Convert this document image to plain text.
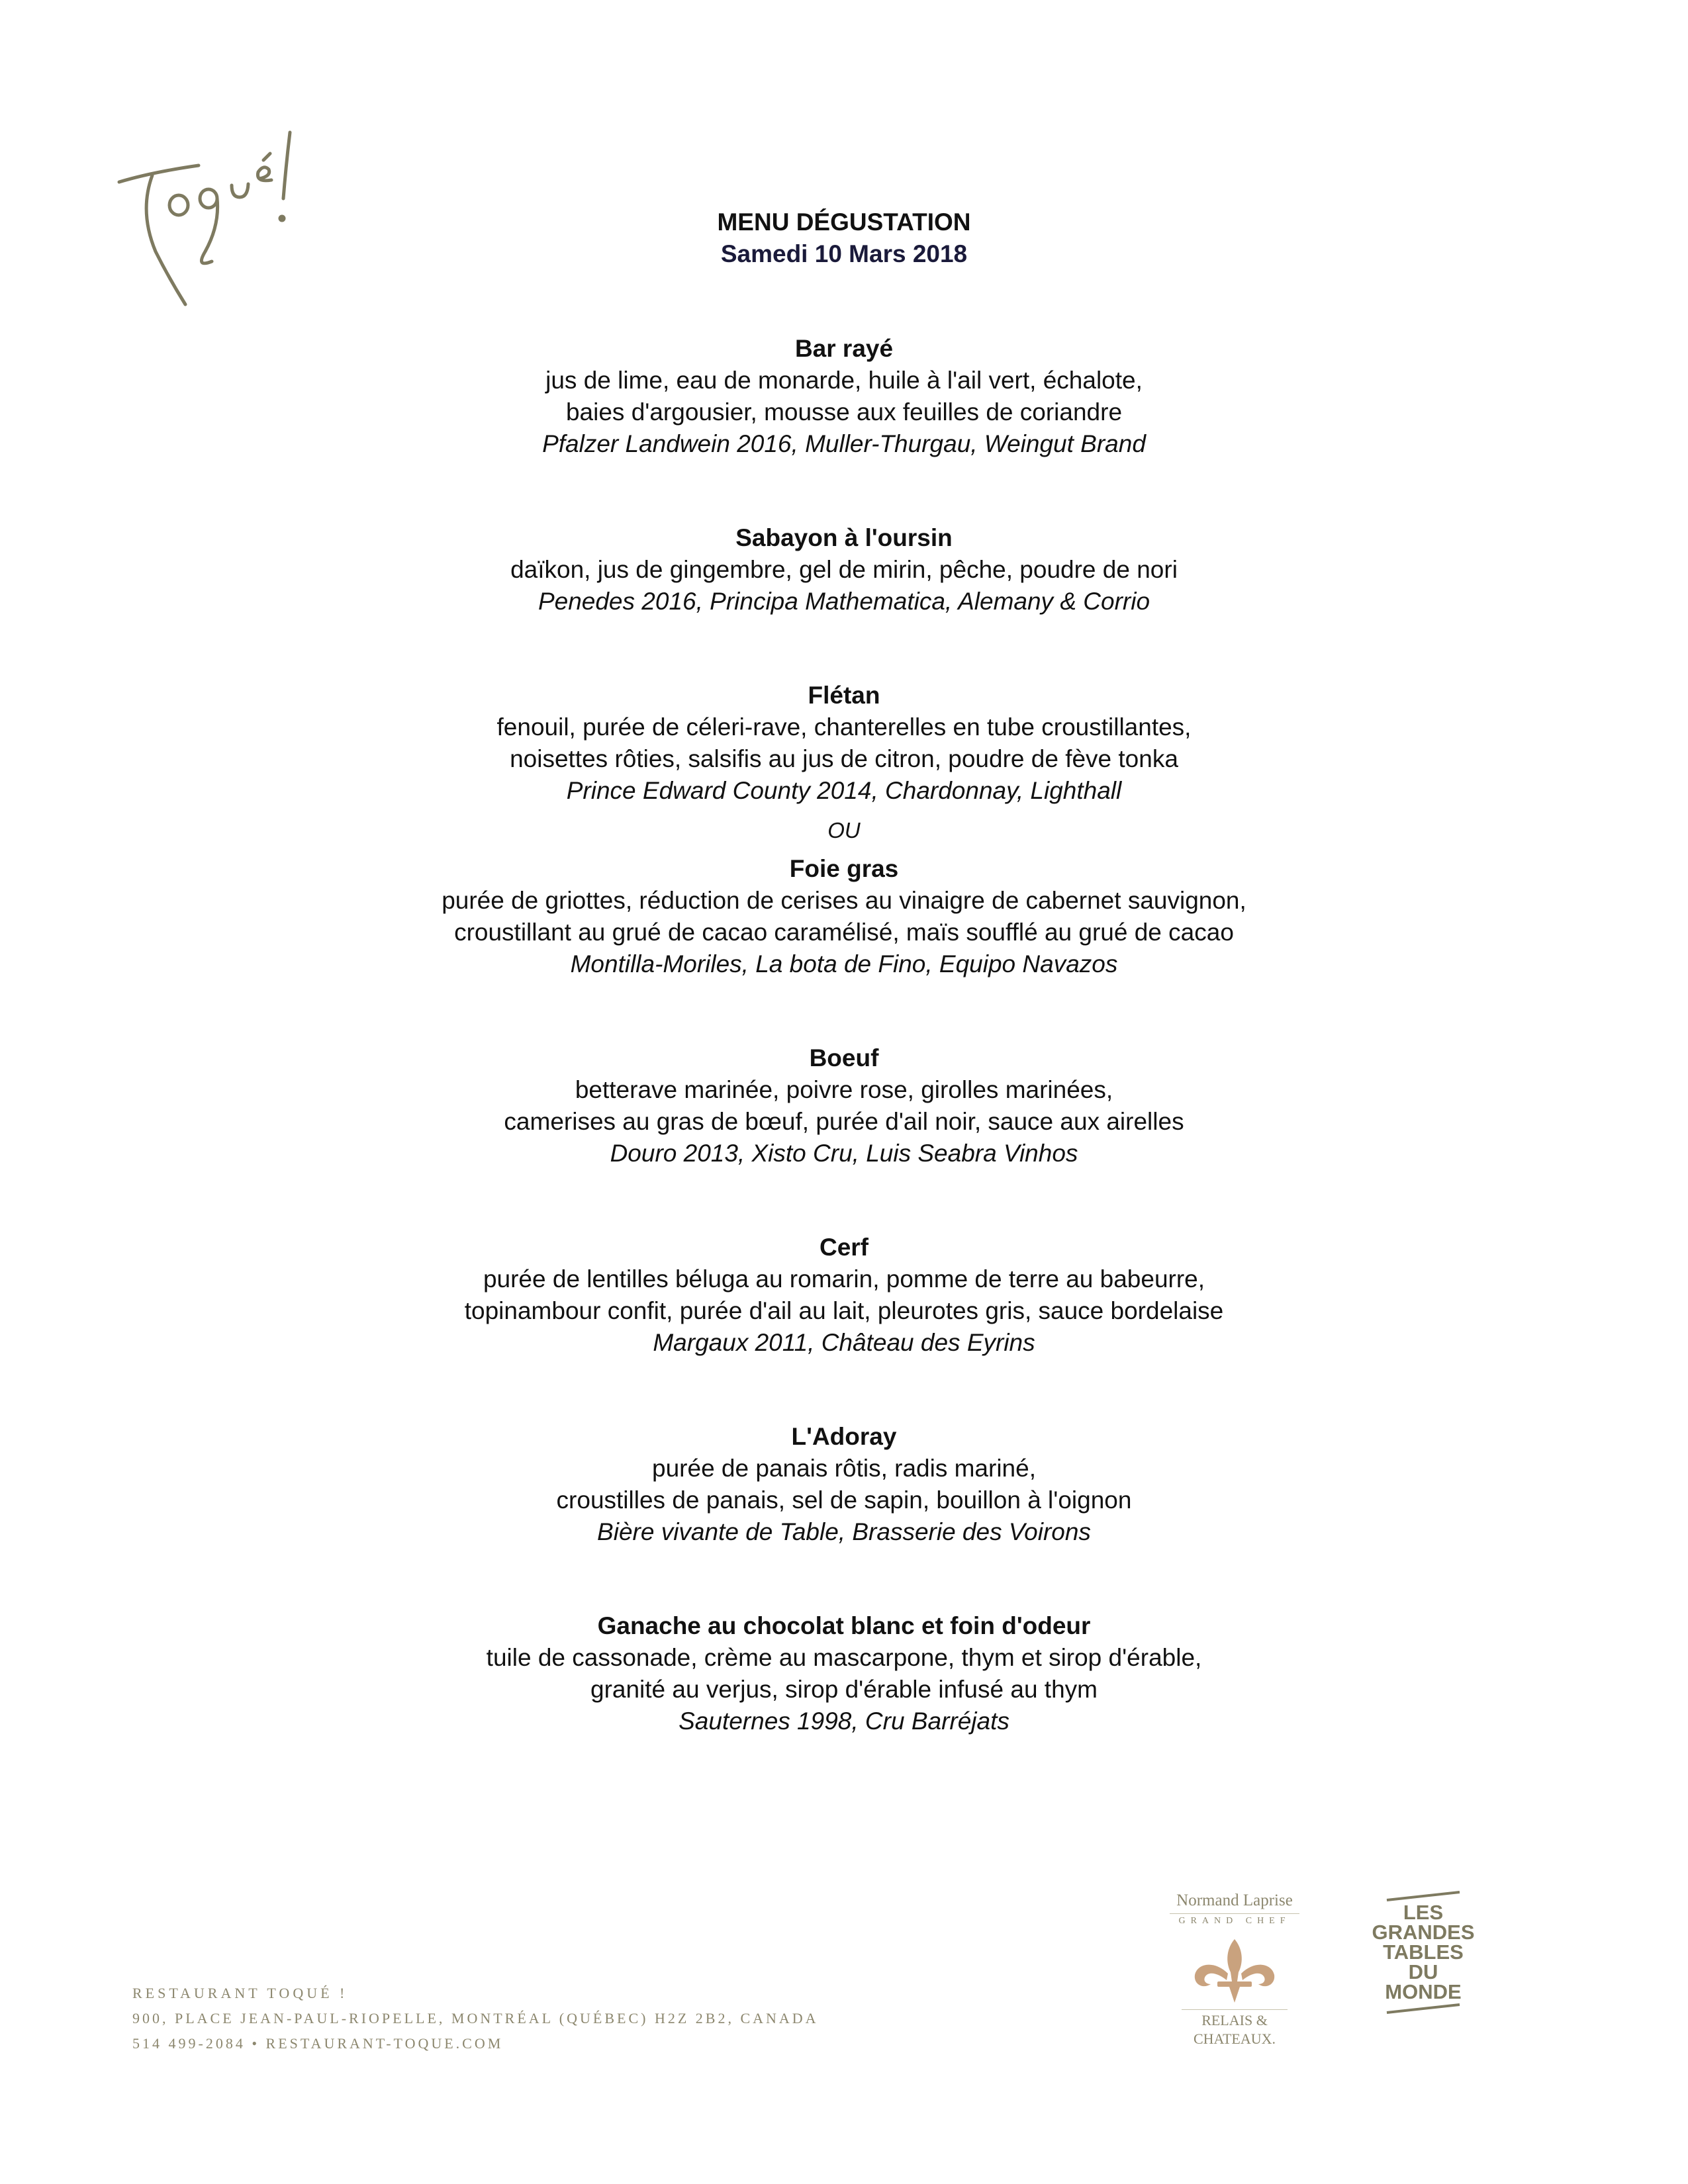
Toqué!
MENU DÉGUSTATION
Samedi 10 Mars 2018
Bar rayé
jus de lime, eau de monarde, huile à l'ail vert, échalote,
baies d'argousier, mousse aux feuilles de coriandre
Pfalzer Landwein 2016, Muller-Thurgau, Weingut Brand
Sabayon à l'oursin
daïkon, jus de gingembre, gel de mirin, pêche, poudre de nori
Penedes 2016, Principa Mathematica, Alemany & Corrio
Flétan
fenouil, purée de céleri-rave, chanterelles en tube croustillantes,
noisettes rôties, salsifis au jus de citron, poudre de fève tonka
Prince Edward County 2014, Chardonnay, Lighthall
OU
Foie gras
purée de griottes, réduction de cerises au vinaigre de cabernet sauvignon,
croustillant au grué de cacao caramélisé, maïs soufflé au grué de cacao
Montilla-Moriles, La bota de Fino, Equipo Navazos
Boeuf
betterave marinée, poivre rose, girolles marinées,
camerises au gras de bœuf, purée d'ail noir, sauce aux airelles
Douro 2013, Xisto Cru, Luis Seabra Vinhos
Cerf
purée de lentilles béluga au romarin, pomme de terre au babeurre,
topinambour confit, purée d'ail au lait, pleurotes gris, sauce bordelaise
Margaux 2011, Château des Eyrins
L'Adoray
purée de panais rôtis, radis mariné,
croustilles de panais, sel de sapin, bouillon à l'oignon
Bière vivante de Table, Brasserie des Voirons
Ganache au chocolat blanc et foin d'odeur
tuile de cassonade, crème au mascarpone, thym et sirop d'érable,
granité au verjus, sirop d'érable infusé au thym
Sauternes 1998, Cru Barréjats
RESTAURANT TOQUÉ !
900, PLACE JEAN-PAUL-RIOPELLE, MONTRÉAL (QUÉBEC) H2Z 2B2, CANADA
514 499-2084 • RESTAURANT-TOQUE.COM
Normand Laprise
GRAND CHEF
RELAIS &
CHATEAUX.
LES
GRANDES
TABLES
DU
MONDE
